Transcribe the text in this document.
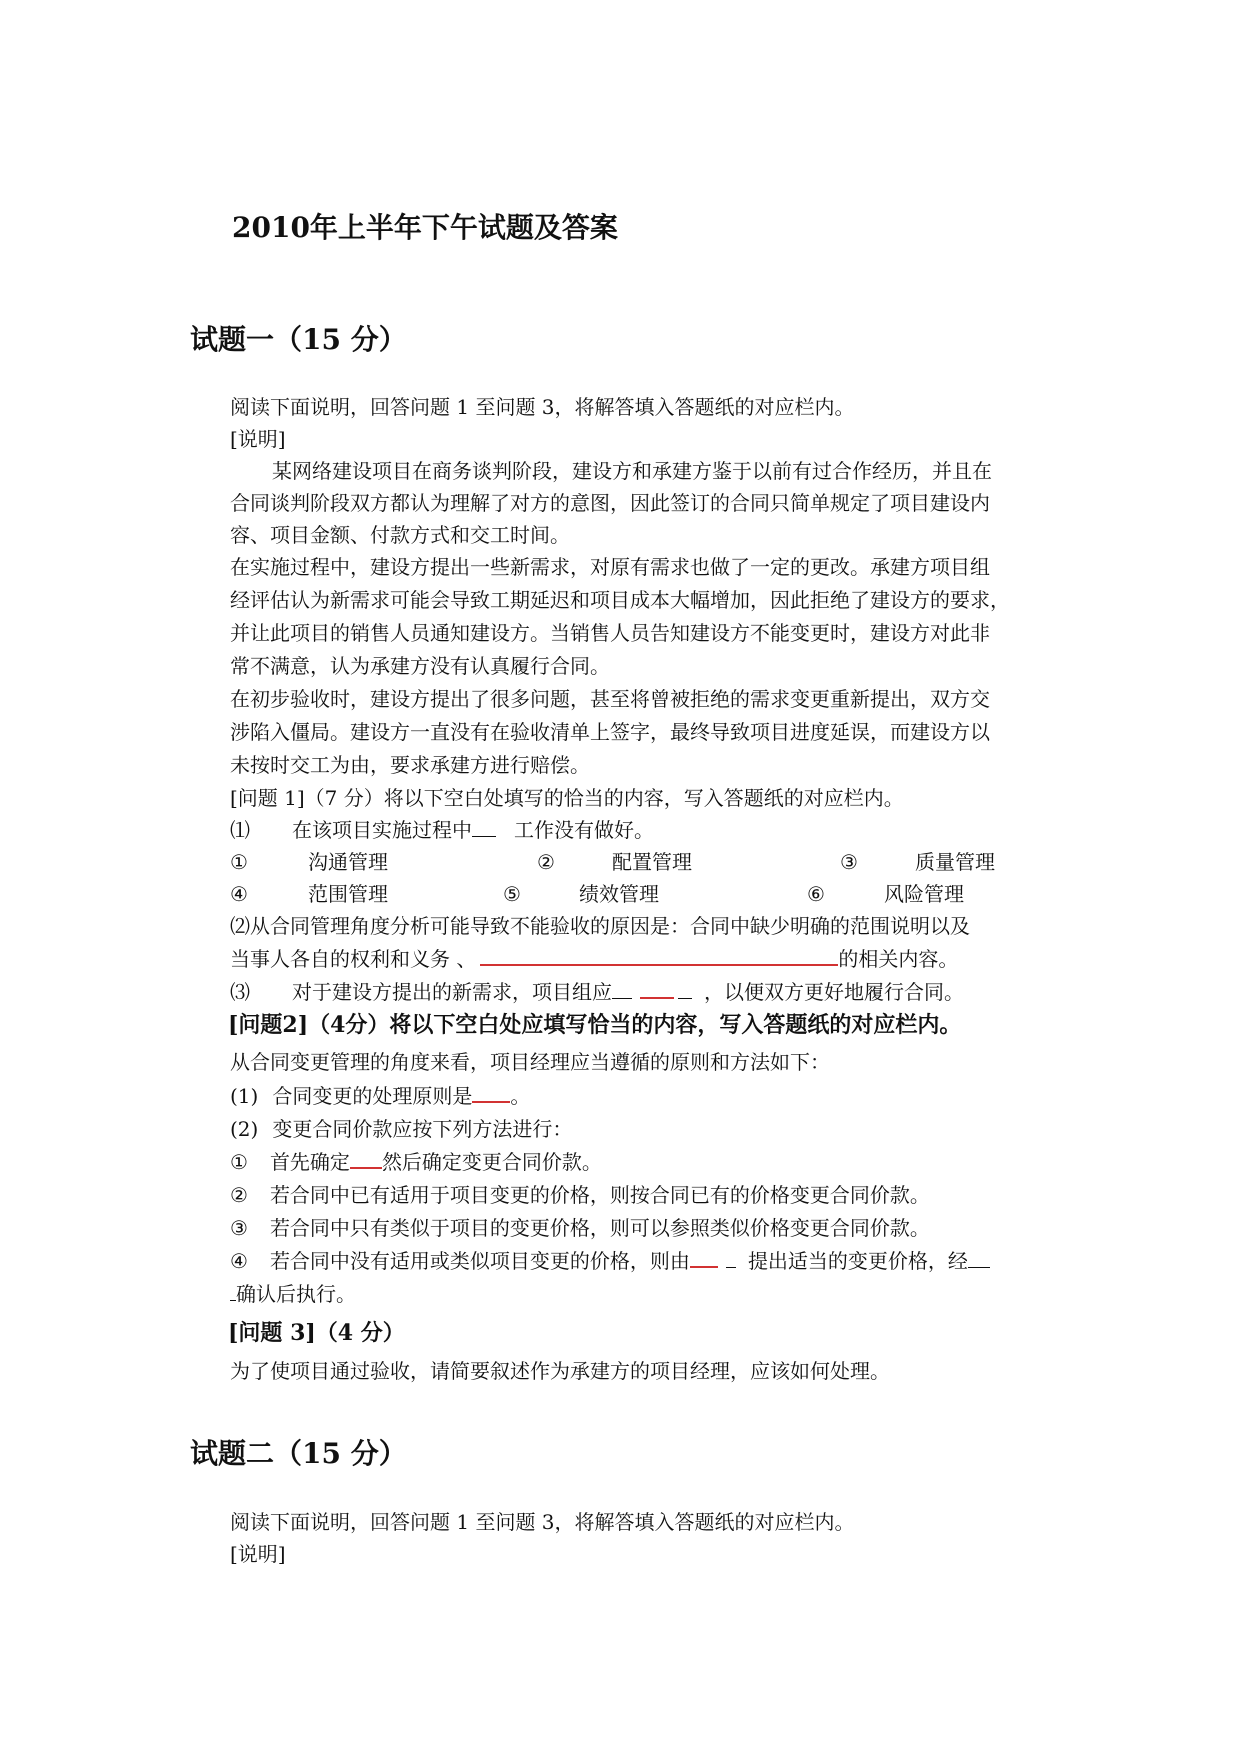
2010年上半年下午试题及答案
试题一（15 分）
阅读下面说明，回答问题 1 至问题 3，将解答填入答题纸的对应栏内。
[说明]
某网络建设项目在商务谈判阶段，建设方和承建方鉴于以前有过合作经历，并且在
合同谈判阶段双方都认为理解了对方的意图，因此签订的合同只简单规定了项目建设内
容、项目金额、付款方式和交工时间。
在实施过程中，建设方提出一些新需求，对原有需求也做了一定的更改。承建方项目组
经评估认为新需求可能会导致工期延迟和项目成本大幅增加，因此拒绝了建设方的要求，
并让此项目的销售人员通知建设方。当销售人员告知建设方不能变更时，建设方对此非
常不满意，认为承建方没有认真履行合同。
在初步验收时，建设方提出了很多问题，甚至将曾被拒绝的需求变更重新提出，双方交
涉陷入僵局。建设方一直没有在验收清单上签字，最终导致项目进度延误，而建设方以
未按时交工为由，要求承建方进行赔偿。
[问题 1]（7 分）将以下空白处填写的恰当的内容，写入答题纸的对应栏内。
⑴ 在该项目实施过程中 工作没有做好。
①	沟通管理	②	配置管理	③	质量管理
④	范围管理	⑤	绩效管理	⑥	风险管理
⑵从合同管理角度分析可能导致不能验收的原因是：合同中缺少明确的范围说明以及
当事人各自的权利和义务 、	的相关内容。
⑶ 对于建设方提出的新需求，项目组应	，以便双方更好地履行合同。
[问题2]（4分）将以下空白处应填写恰当的内容，写入答题纸的对应栏内。
从合同变更管理的角度来看，项目经理应当遵循的原则和方法如下：
(1) 合同变更的处理原则是 。
(2) 变更合同价款应按下列方法进行：
① 首先确定 然后确定变更合同价款。
② 若合同中已有适用于项目变更的价格，则按合同已有的价格变更合同价款。
③ 若合同中只有类似于项目的变更价格，则可以参照类似价格变更合同价款。
④ 若合同中没有适用或类似项目变更的价格，则由	提出适当的变更价格，经
确认后执行。
[问题 3]（4 分）
为了使项目通过验收，请简要叙述作为承建方的项目经理，应该如何处理。
试题二（15 分）
阅读下面说明，回答问题 1 至问题 3，将解答填入答题纸的对应栏内。
[说明]
